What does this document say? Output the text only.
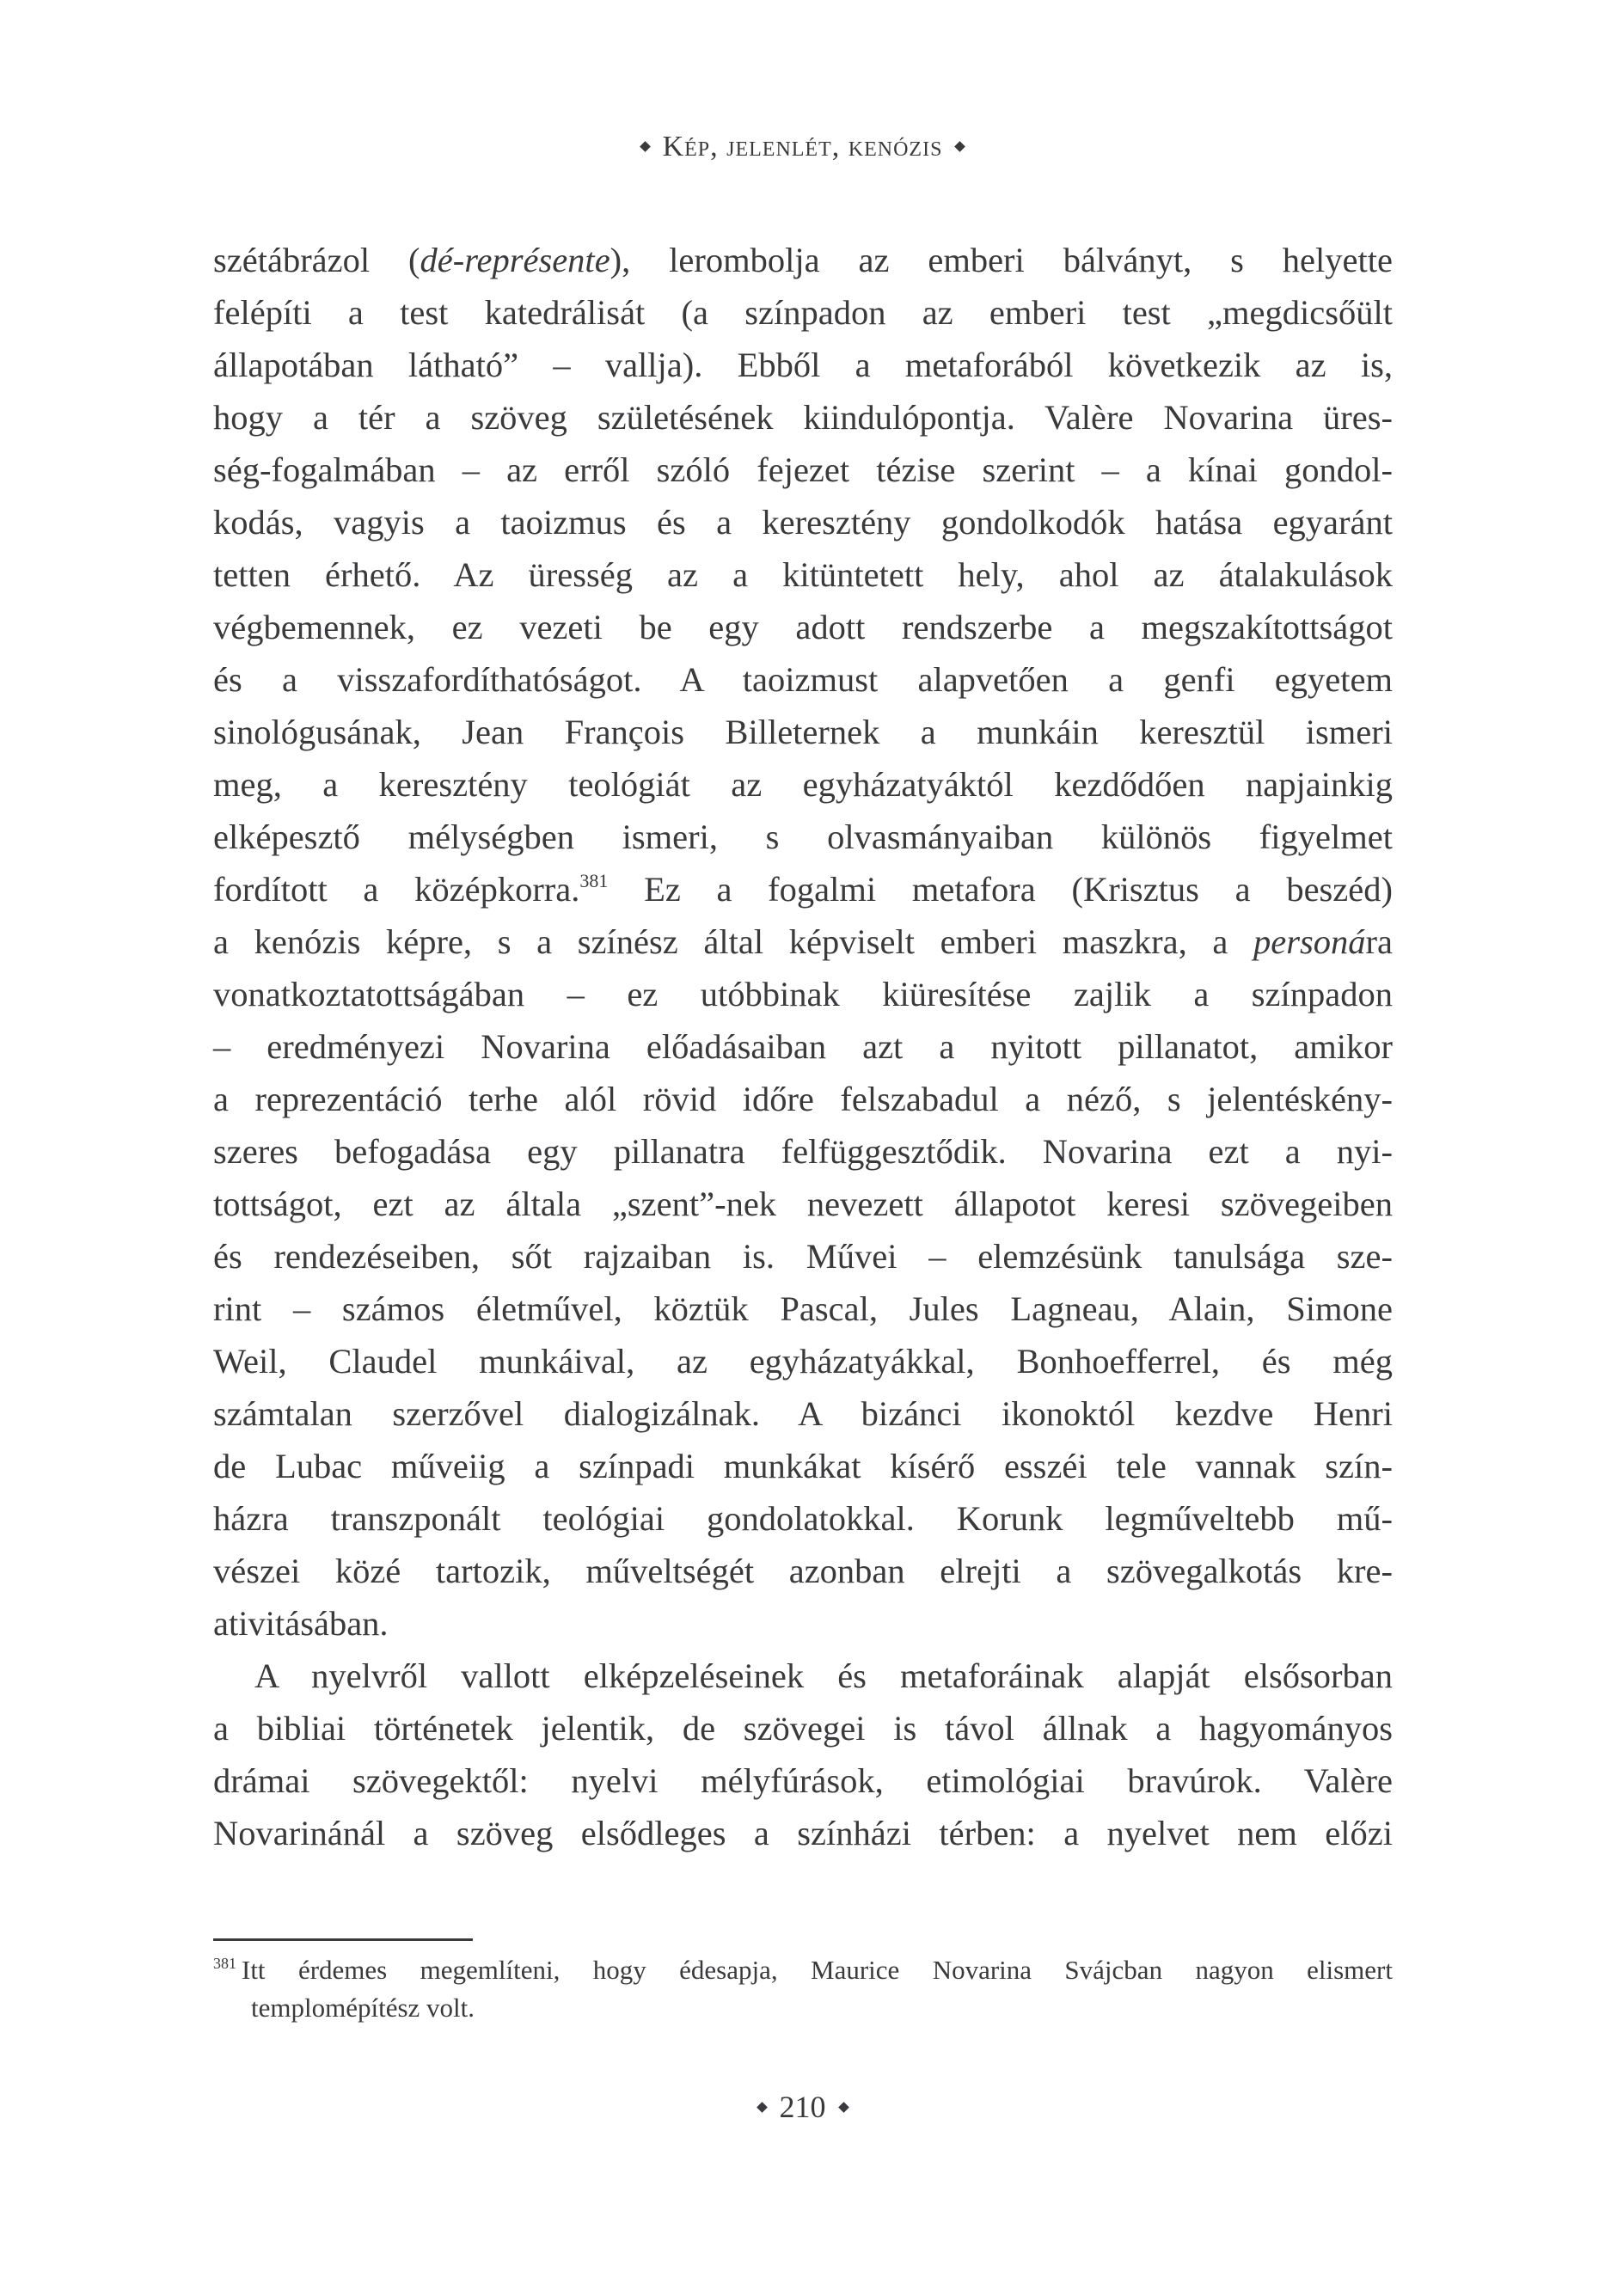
Kép, jelenlét, kenózis
szétábrázol (dé-représente), lerombolja az emberi bálványt, s helyette
felépíti a test katedrálisát (a színpadon az emberi test „megdicsőült
állapotában látható” – vallja). Ebből a metaforából következik az is,
hogy a tér a szöveg születésének kiindulópontja. Valère Novarina üres-
ség-fogalmában – az erről szóló fejezet tézise szerint – a kínai gondol-
kodás, vagyis a taoizmus és a keresztény gondolkodók hatása egyaránt
tetten érhető. Az üresség az a kitüntetett hely, ahol az átalakulások
végbemennek, ez vezeti be egy adott rendszerbe a megszakítottságot
és a visszafordíthatóságot. A taoizmust alapvetően a genfi egyetem
sinológusának, Jean François Billeternek a munkáin keresztül ismeri
meg, a keresztény teológiát az egyházatyáktól kezdődően napjainkig
elképesztő mélységben ismeri, s olvasmányaiban különös figyelmet
fordított a középkorra.$^{381}$ Ez a fogalmi metafora (Krisztus a beszéd)
a kenózis képre, s a színész által képviselt emberi maszkra, a personára
vonatkoztatottságában – ez utóbbinak kiüresítése zajlik a színpadon
– eredményezi Novarina előadásaiban azt a nyitott pillanatot, amikor
a reprezentáció terhe alól rövid időre felszabadul a néző, s jelentéskény-
szeres befogadása egy pillanatra felfüggesztődik. Novarina ezt a nyi-
tottságot, ezt az általa „szent”-nek nevezett állapotot keresi szövegeiben
és rendezéseiben, sőt rajzaiban is. Művei – elemzésünk tanulsága sze-
rint – számos életművel, köztük Pascal, Jules Lagneau, Alain, Simone
Weil, Claudel munkáival, az egyházatyákkal, Bonhoefferrel, és még
számtalan szerzővel dialogizálnak. A bizánci ikonoktól kezdve Henri
de Lubac műveiig a színpadi munkákat kísérő esszéi tele vannak szín-
házra transzponált teológiai gondolatokkal. Korunk legműveltebb mű-
vészei közé tartozik, műveltségét azonban elrejti a szövegalkotás kre-
ativitásában.
A nyelvről vallott elképzeléseinek és metaforáinak alapját elsősorban
a bibliai történetek jelentik, de szövegei is távol állnak a hagyományos
drámai szövegektől: nyelvi mélyfúrások, etimológiai bravúrok. Valère
Novarinánál a szöveg elsődleges a színházi térben: a nyelvet nem előzi
$^{381}$ Itt érdemes megemlíteni, hogy édesapja, Maurice Novarina Svájcban nagyon elismert
templomépítész volt.
210
